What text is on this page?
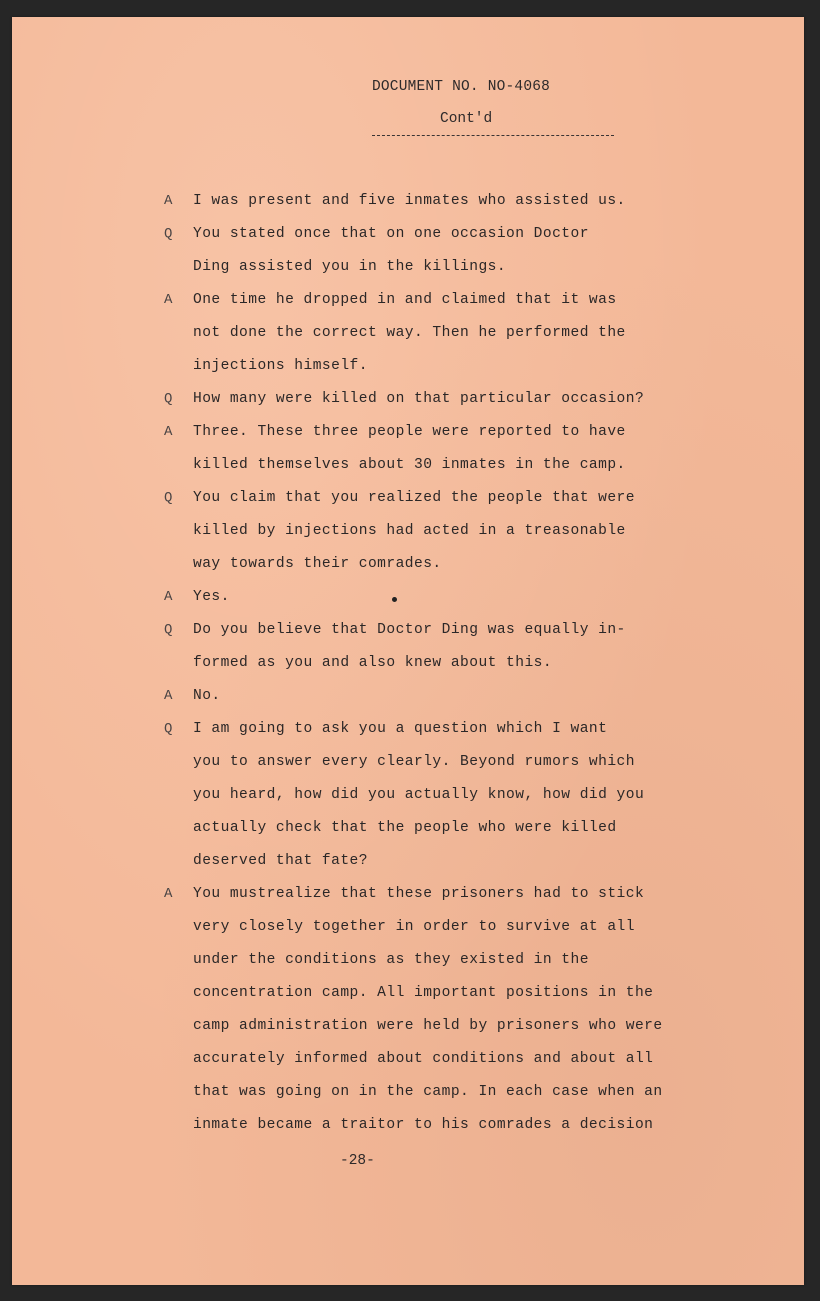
DOCUMENT NO. NO-4068
Cont'd
A I was present and five inmates who assisted us.
Q You stated once that on one occasion Doctor
Ding assisted you in the killings.
A One time he dropped in and claimed that it was
not done the correct way. Then he performed the
injections himself.
Q How many were killed on that particular occasion?
A Three. These three people were reported to have
killed themselves about 30 inmates in the camp.
Q You claim that you realized the people that were
killed by injections had acted in a treasonable
way towards their comrades.
A Yes.
Q Do you believe that Doctor Ding was equally in-
formed as you and also knew about this.
A No.
Q I am going to ask you a question which I want
you to answer every clearly. Beyond rumors which
you heard, how did you actually know, how did you
actually check that the people who were killed
deserved that fate?
A You mustrealize that these prisoners had to stick
very closely together in order to survive at all
under the conditions as they existed in the
concentration camp. All important positions in the
camp administration were held by prisoners who were
accurately informed about conditions and about all
that was going on in the camp. In each case when an
inmate became a traitor to his comrades a decision
-28-
